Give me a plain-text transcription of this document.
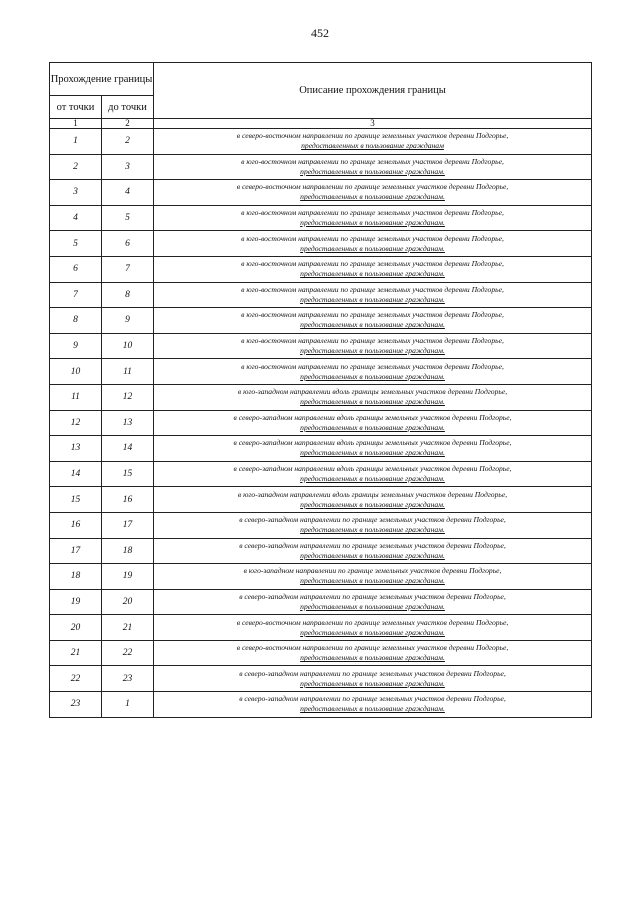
452
Прохождение границы		Описание прохождения границы
от точки	до точки	
1	2	3
1	2	в северо-восточном направлении по границе земельных участков деревни Подгорье,
предоставленных в пользование гражданам

2	3	в юго-восточном направлении по границе земельных участков деревни Подгорье,
предоставленных в пользование гражданам.

3	4	в северо-восточном направлении по границе земельных участков деревни Подгорье,
предоставленных в пользование гражданам.

4	5	в юго-восточном направлении по границе земельных участков деревни Подгорье,
предоставленных в пользование гражданам.

5	6	в юго-восточном направлении по границе земельных участков деревни Подгорье,
предоставленных в пользование гражданам.

6	7	в юго-восточном направлении по границе земельных участков деревни Подгорье,
предоставленных в пользование гражданам.

7	8	в юго-восточном направлении по границе земельных участков деревни Подгорье,
предоставленных в пользование гражданам.

8	9	в юго-восточном направлении по границе земельных участков деревни Подгорье,
предоставленных в пользование гражданам.

9	10	в юго-восточном направлении по границе земельных участков деревни Подгорье,
предоставленных в пользование гражданам.

10	11	в юго-восточном направлении по границе земельных участков деревни Подгорье,
предоставленных в пользование гражданам.

11	12	в юго-западном направлении вдоль границы земельных участков деревни Подгорье,
предоставленных в пользование гражданам.

12	13	в северо-западном направлении вдоль границы земельных участков деревни Подгорье,
предоставленных в пользование гражданам.

13	14	в северо-западном направлении вдоль границы земельных участков деревни Подгорье,
предоставленных в пользование гражданам.

14	15	в северо-западном направлении вдоль границы земельных участков деревни Подгорье,
предоставленных в пользование гражданам.

15	16	в юго-западном направлении вдоль границы земельных участков деревни Подгорье,
предоставленных в пользование гражданам.

16	17	в северо-западном направлении по границе земельных участков деревни Подгорье,
предоставленных в пользование гражданам.

17	18	в северо-западном направлении по границе земельных участков деревни Подгорье,
предоставленных в пользование гражданам.

18	19	в юго-западном направлении по границе земельных участков деревни Подгорье,
предоставленных в пользование гражданам.

19	20	в северо-западном направлении по границе земельных участков деревни Подгорье,
предоставленных в пользование гражданам.

20	21	в северо-восточном направлении по границе земельных участков деревни Подгорье,
предоставленных в пользование гражданам.

21	22	в северо-восточном направлении по границе земельных участков деревни Подгорье,
предоставленных в пользование гражданам.

22	23	в северо-западном направлении по границе земельных участков деревни Подгорье,
предоставленных в пользование гражданам.

23	1	в северо-западном направлении по границе земельных участков деревни Подгорье,
предоставленных в пользование гражданам.
